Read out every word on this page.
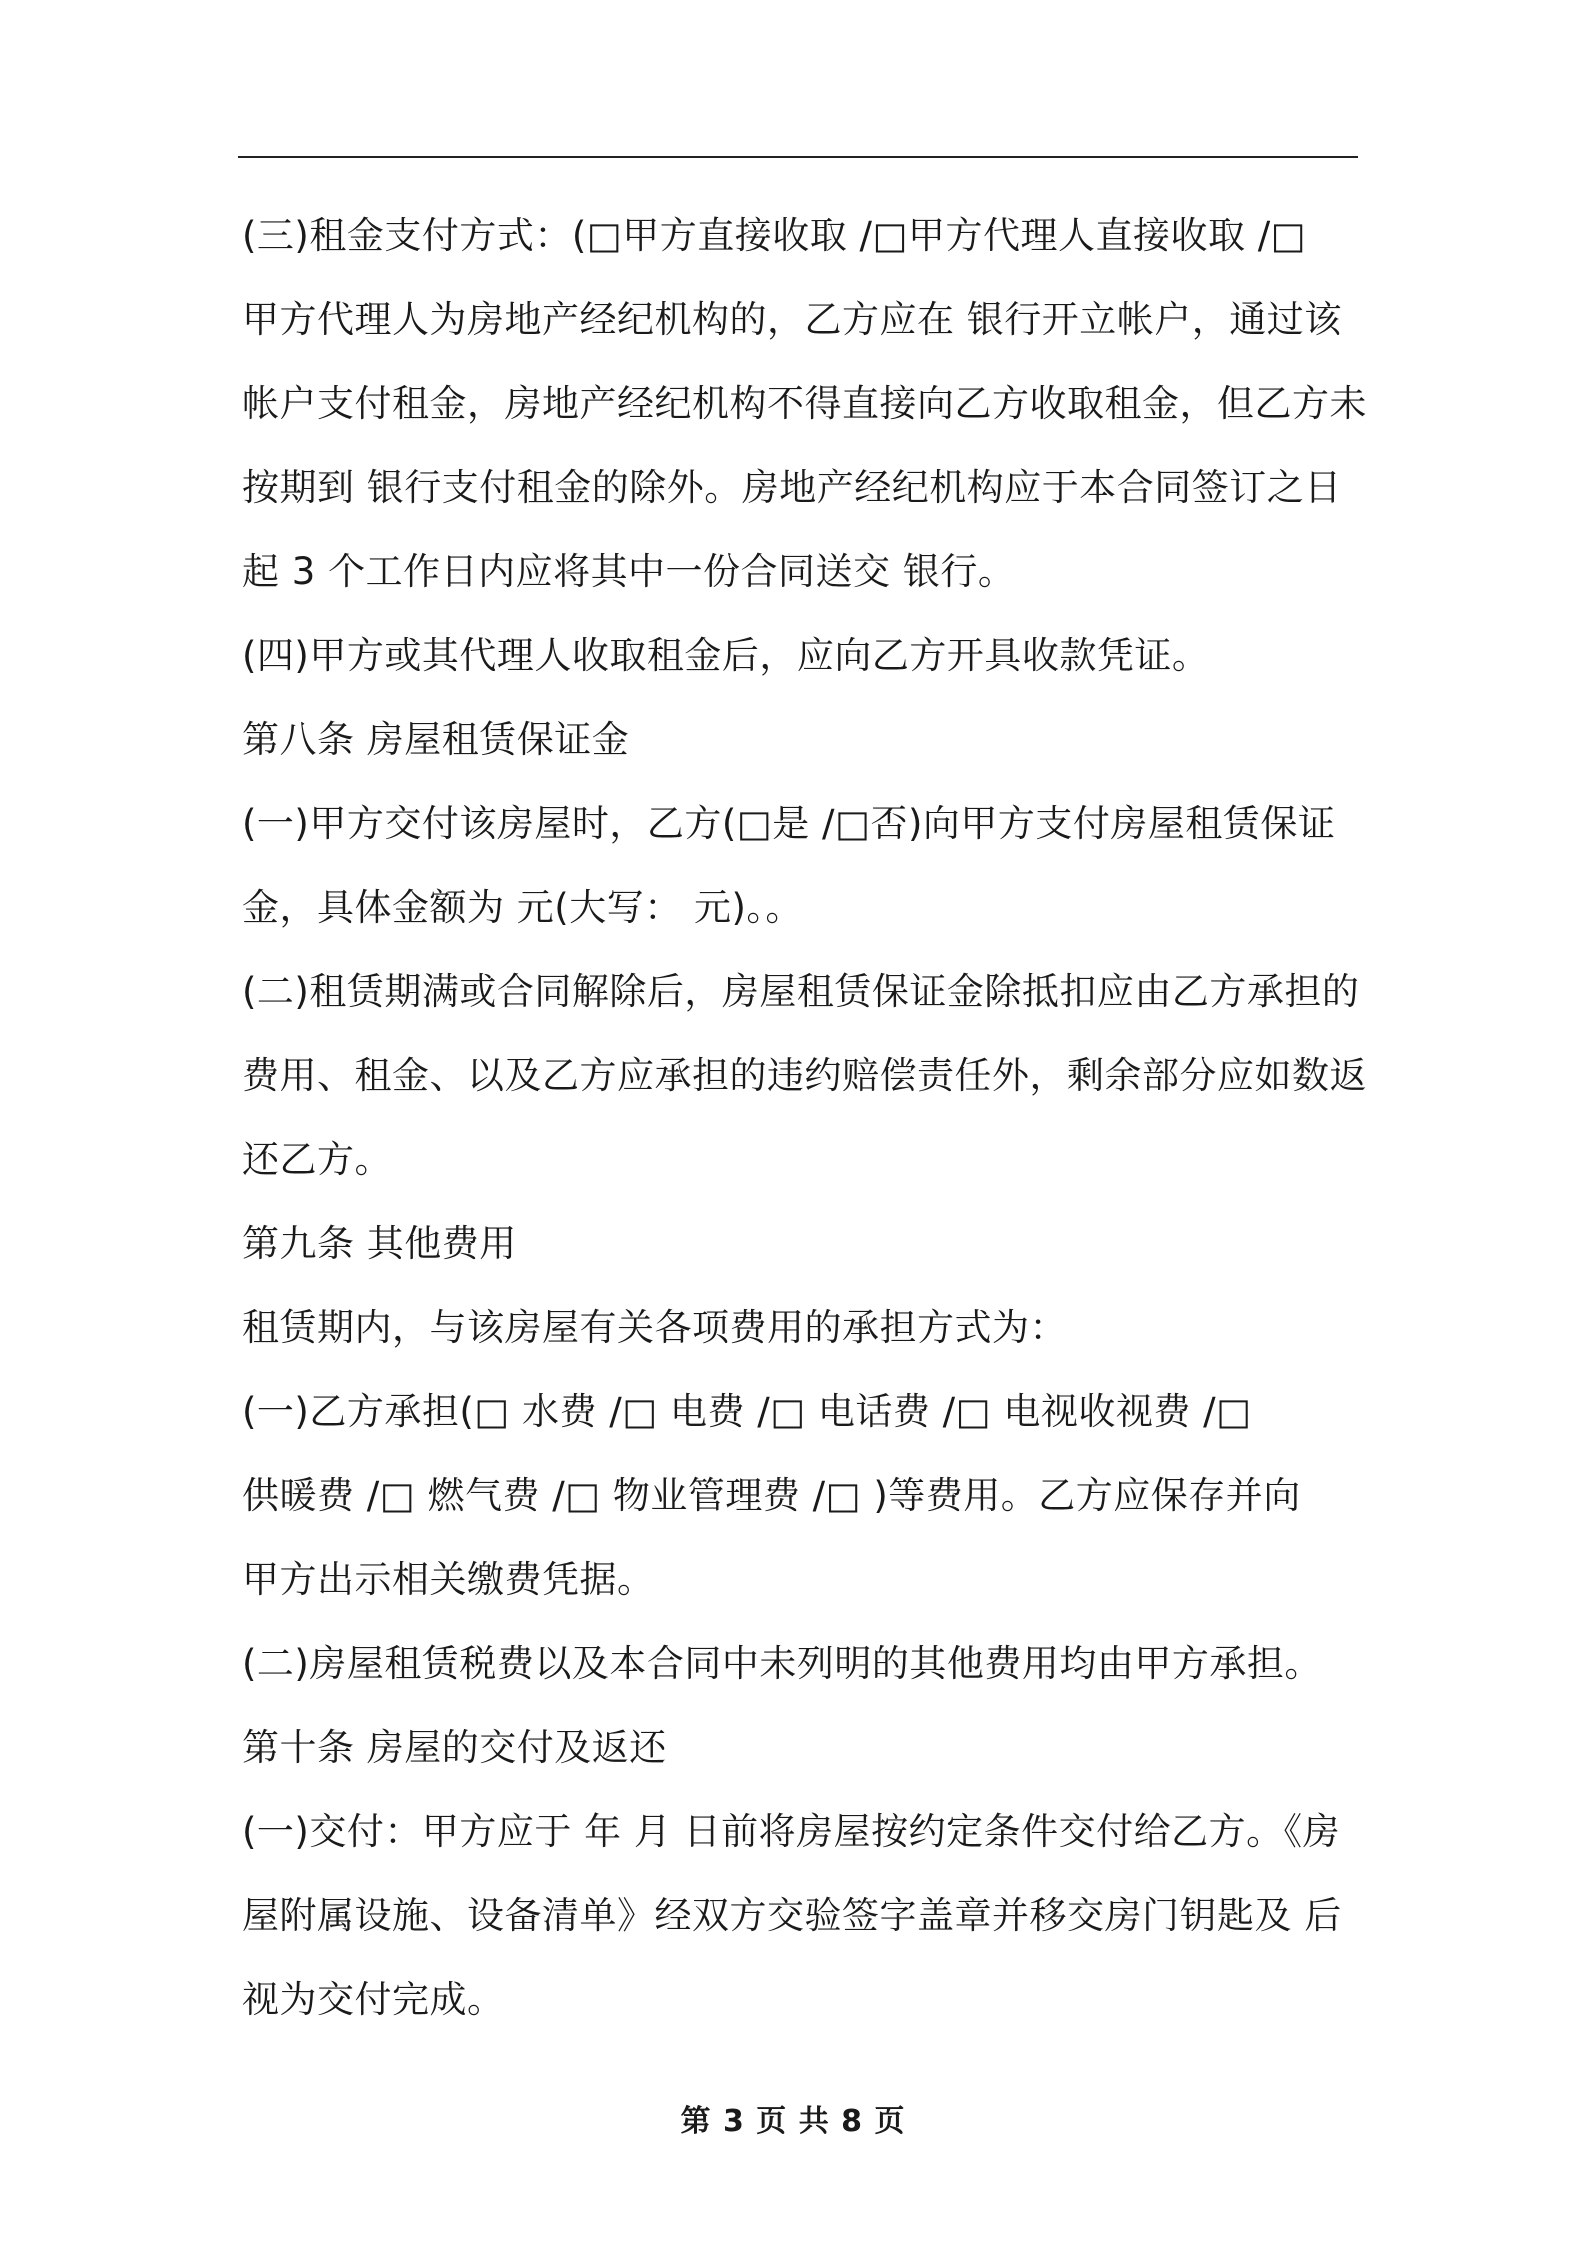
(三)租金支付方式：(□甲方直接收取 /□甲方代理人直接收取 /□
甲方代理人为房地产经纪机构的，乙方应在 银行开立帐户，通过该
帐户支付租金，房地产经纪机构不得直接向乙方收取租金，但乙方未
按期到 银行支付租金的除外。房地产经纪机构应于本合同签订之日
起 3 个工作日内应将其中一份合同送交 银行。
(四)甲方或其代理人收取租金后，应向乙方开具收款凭证。
第八条 房屋租赁保证金
(一)甲方交付该房屋时，乙方(□是 /□否)向甲方支付房屋租赁保证
金，具体金额为 元(大写： 元)。。
(二)租赁期满或合同解除后，房屋租赁保证金除抵扣应由乙方承担的
费用、租金、以及乙方应承担的违约赔偿责任外，剩余部分应如数返
还乙方。
第九条 其他费用
租赁期内，与该房屋有关各项费用的承担方式为：
(一)乙方承担(□ 水费 /□ 电费 /□ 电话费 /□ 电视收视费 /□
供暖费 /□ 燃气费 /□ 物业管理费 /□ )等费用。乙方应保存并向
甲方出示相关缴费凭据。
(二)房屋租赁税费以及本合同中未列明的其他费用均由甲方承担。
第十条 房屋的交付及返还
(一)交付：甲方应于 年 月 日前将房屋按约定条件交付给乙方。《房
屋附属设施、设备清单》经双方交验签字盖章并移交房门钥匙及 后
视为交付完成。
第 3 页 共 8 页
